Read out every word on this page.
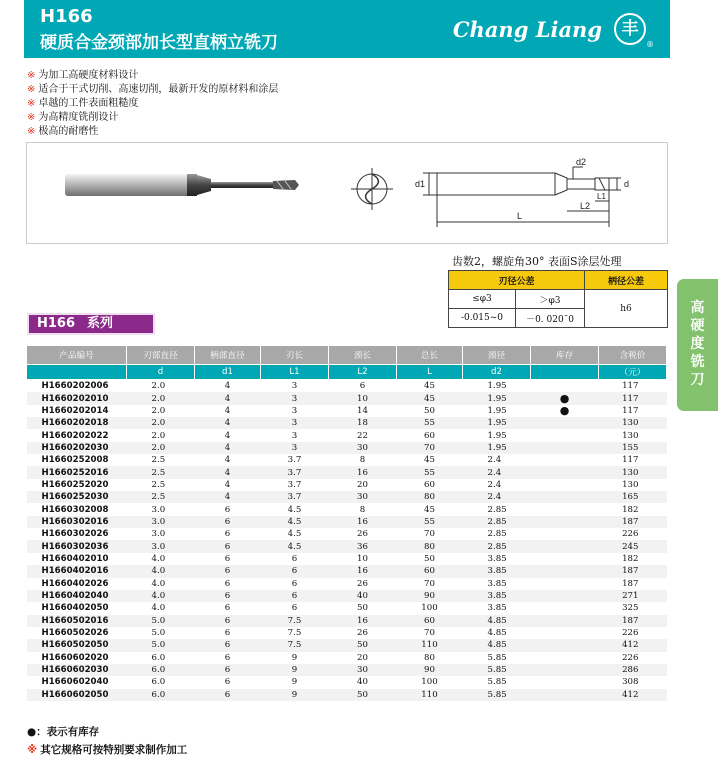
H166
硬质合金颈部加长型直柄立铣刀
Chang Liang	丰
®
※ 为加工高硬度材料设计
※ 适合于干式切削、高速切削，最新开发的原材料和涂层
※ 卓越的工件表面粗糙度
※ 为高精度铣削设计
※ 极高的耐磨性
d1	d
d2
L
L2
L1
齿数2，螺旋角30° 表面S涂层处理
刃径公差		柄径公差
≤φ3	＞φ3	h6
-0.015~0	－0. 020˜0	
H166 系列
高
硬
度
铣
刀
产品编号	刃部直径	柄部直径	刃长	颈长	总长	颈径	库存	含税价
	d	d1	L1	L2	L	d2		（元）
H1660202006	2.0	4	3	6	45	1.95		117
H1660202010	2.0	4	3	10	45	1.95	●	117
H1660202014	2.0	4	3	14	50	1.95	●	117
H1660202018	2.0	4	3	18	55	1.95		130
H1660202022	2.0	4	3	22	60	1.95		130
H1660202030	2.0	4	3	30	70	1.95		155
H1660252008	2.5	4	3.7	8	45	2.4		117
H1660252016	2.5	4	3.7	16	55	2.4		130
H1660252020	2.5	4	3.7	20	60	2.4		130
H1660252030	2.5	4	3.7	30	80	2.4		165
H1660302008	3.0	6	4.5	8	45	2.85		182
H1660302016	3.0	6	4.5	16	55	2.85		187
H1660302026	3.0	6	4.5	26	70	2.85		226
H1660302036	3.0	6	4.5	36	80	2.85		245
H1660402010	4.0	6	6	10	50	3.85		182
H1660402016	4.0	6	6	16	60	3.85		187
H1660402026	4.0	6	6	26	70	3.85		187
H1660402040	4.0	6	6	40	90	3.85		271
H1660402050	4.0	6	6	50	100	3.85		325
H1660502016	5.0	6	7.5	16	60	4.85		187
H1660502026	5.0	6	7.5	26	70	4.85		226
H1660502050	5.0	6	7.5	50	110	4.85		412
H1660602020	6.0	6	9	20	80	5.85		226
H1660602030	6.0	6	9	30	90	5.85		286
H1660602040	6.0	6	9	40	100	5.85		308
H1660602050	6.0	6	9	50	110	5.85		412
●：表示有库存
※ 其它规格可按特别要求制作加工
